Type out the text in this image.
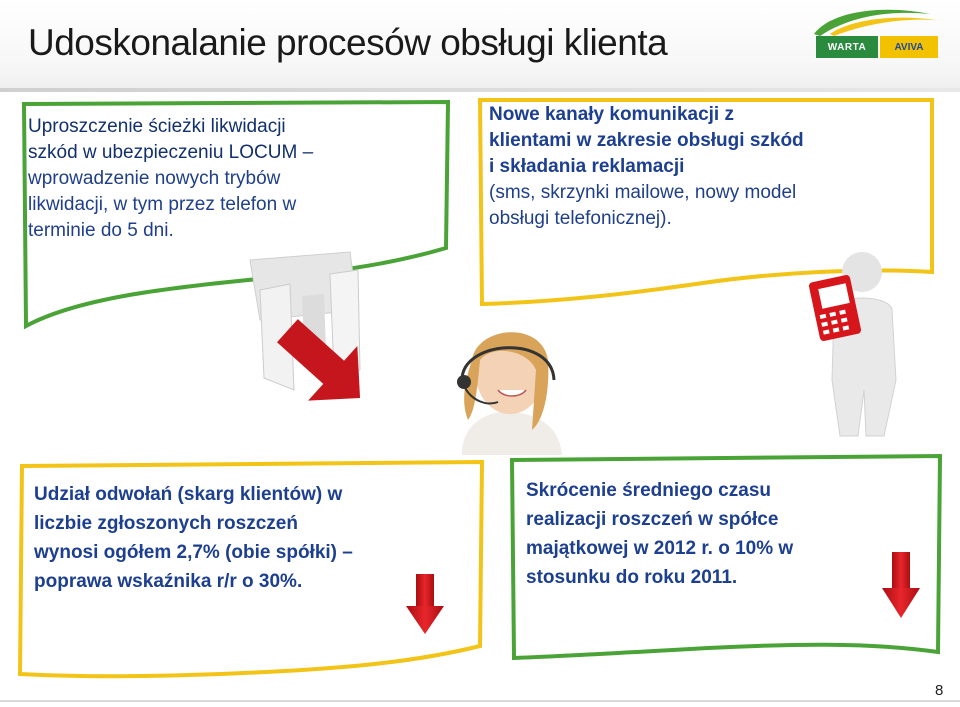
Udoskonalanie procesów obsługi klienta	WARTA	AVIVA
Uproszczenie ścieżki likwidacji
szkód w ubezpieczeniu LOCUM –
wprowadzenie nowych trybów
likwidacji, w tym przez telefon w
terminie do 5 dni.
Nowe kanały komunikacji z
klientami w zakresie obsługi szkód
i składania reklamacji
(sms, skrzynki mailowe, nowy model
obsługi telefonicznej).
Udział odwołań (skarg klientów) w
liczbie zgłoszonych roszczeń
wynosi ogółem 2,7% (obie spółki) –
poprawa wskaźnika r/r o 30%.
Skrócenie średniego czasu
realizacji roszczeń w spółce
majątkowej w 2012 r. o 10% w
stosunku do roku 2011.
8
